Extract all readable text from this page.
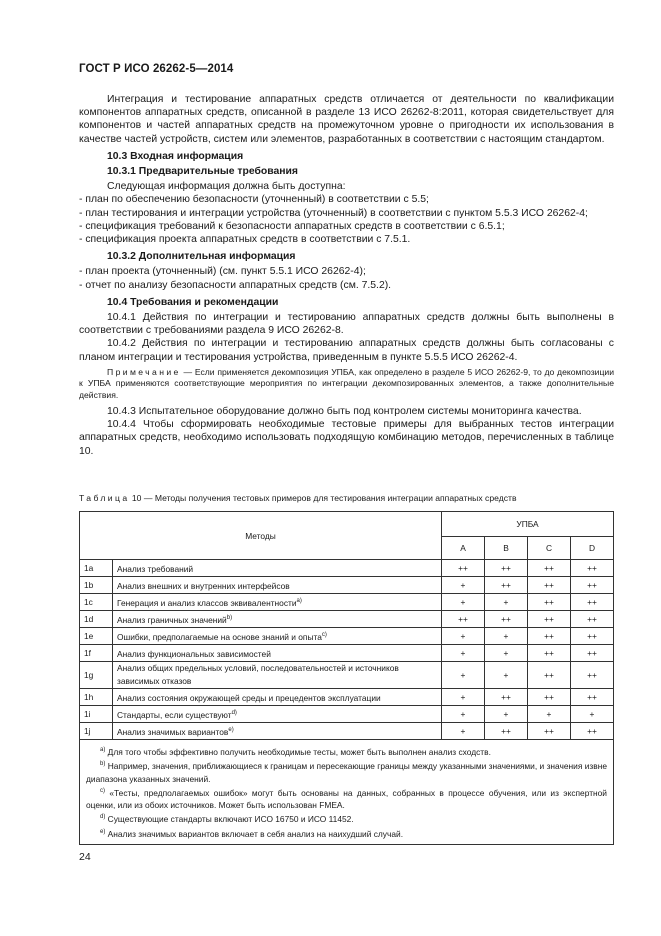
ГОСТ Р ИСО 26262-5—2014

Интеграция и тестирование аппаратных средств отличается от деятельности по квалификации компонентов аппаратных средств, описанной в разделе 13 ИСО 26262-8:2011, которая свидетельствует для компонентов и частей аппаратных средств на промежуточном уровне о пригодности их использования в качестве частей устройств, систем или элементов, разработанных в соответствии с настоящим стандартом.

10.3 Входная информация
10.3.1 Предварительные требования

Следующая информация должна быть доступна:

- план по обеспечению безопасности (уточненный) в соответствии с 5.5;

- план тестирования и интеграции устройства (уточненный) в соответствии с пунктом 5.5.3 ИСО 26262-4;

- спецификация требований к безопасности аппаратных средств в соответствии с 6.5.1;

- спецификация проекта аппаратных средств в соответствии с 7.5.1.

10.3.2 Дополнительная информация

- план проекта (уточненный) (см. пункт 5.5.1 ИСО 26262-4);

- отчет по анализу безопасности аппаратных средств (см. 7.5.2).

10.4 Требования и рекомендации

10.4.1 Действия по интеграции и тестированию аппаратных средств должны быть выполнены в соответствии с требованиями раздела 9 ИСО 26262-8.

10.4.2 Действия по интеграции и тестированию аппаратных средств должны быть согласованы с планом интеграции и тестирования устройства, приведенным в пункте 5.5.5 ИСО 26262-4.

Примечание — Если применяется декомпозиция УПБА, как определено в разделе 5 ИСО 26262-9, то до декомпозиции к УПБА применяются соответствующие мероприятия по интеграции декомпозированных элементов, а также дополнительные действия.

10.4.3 Испытательное оборудование должно быть под контролем системы мониторинга качества.

10.4.4 Чтобы сформировать необходимые тестовые примеры для выбранных тестов интеграции аппаратных средств, необходимо использовать подходящую комбинацию методов, перечисленных в таблице 10.

Таблица 10 — Методы получения тестовых примеров для тестирования интеграции аппаратных средств
Методы		УПБА			
		A	B	C	D
1a	Анализ требований	++	++	++	++
1b	Анализ внешних и внутренних интерфейсов	+	++	++	++
1c	Генерация и анализ классов эквивалентности$^{a)}$	+	+	++	++
1d	Анализ граничных значений$^{b)}$	++	++	++	++
1e	Ошибки, предполагаемые на основе знаний и опыта$^{c)}$	+	+	++	++
1f	Анализ функциональных зависимостей	+	+	++	++
1g	Анализ общих предельных условий, последовательностей и источников зависимых отказов	+	+	++	++
1h	Анализ состояния окружающей среды и прецедентов эксплуатации	+	++	++	++
1i	Стандарты, если существуют$^{d)}$	+	+	+	+
1j	Анализ значимых вариантов$^{e)}$	+	++	++	++

$^{a)}$ Для того чтобы эффективно получить необходимые тесты, может быть выполнен анализ сходств.

$^{b)}$ Например, значения, приближающиеся к границам и пересекающие границы между указанными значениями, и значения извне диапазона указанных значений.

$^{c)}$ «Тесты, предполагаемых ошибок» могут быть основаны на данных, собранных в процессе обучения, или из экспертной оценки, или из обоих источников. Может быть использован FMEA.

$^{d)}$ Существующие стандарты включают ИСО 16750 и ИСО 11452.

$^{e)}$ Анализ значимых вариантов включает в себя анализ на наихудший случай.					

24
